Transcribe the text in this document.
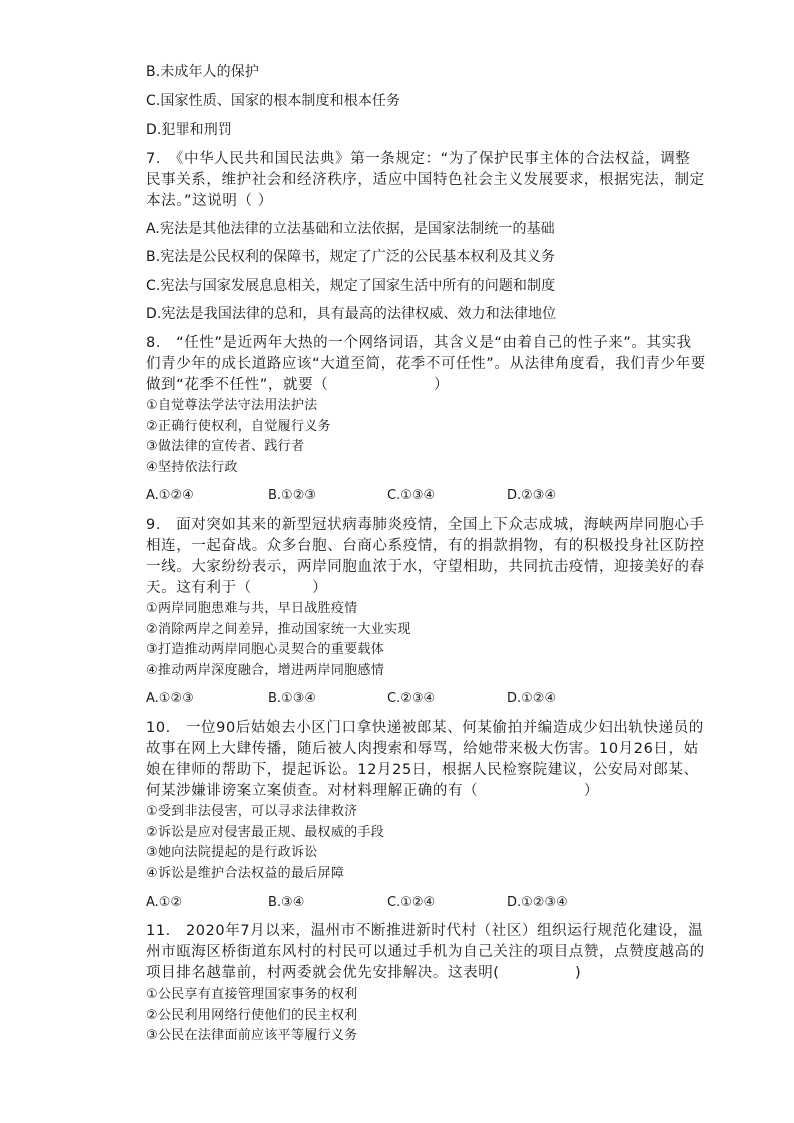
B.未成年人的保护
C.国家性质、国家的根本制度和根本任务
D.犯罪和刑罚
7.　《中华人民共和国民法典》第一条规定：“为了保护民事主体的合法权益，调整
民事关系，维护社会和经济秩序，适应中国特色社会主义发展要求，根据宪法，制定
本法。”这说明（ ）
A.宪法是其他法律的立法基础和立法依据，是国家法制统一的基础
B.宪法是公民权利的保障书，规定了广泛的公民基本权利及其义务
C.宪法与国家发展息息相关，规定了国家生活中所有的问题和制度
D.宪法是我国法律的总和，具有最高的法律权威、效力和法律地位
8.　“任性”是近两年大热的一个网络词语，其含义是“由着自己的性子来”。其实我
们青少年的成长道路应该“大道至简，花季不可任性”。从法律角度看，我们青少年要
做到“花季不任性”，就要（　　　　　　　）
①自觉尊法学法守法用法护法
②正确行使权利，自觉履行义务
③做法律的宣传者、践行者
④坚持依法行政
A.①②④	B.①②③	C.①③④	D.②③④
9.　面对突如其来的新型冠状病毒肺炎疫情，全国上下众志成城，海峡两岸同胞心手
相连，一起奋战。众多台胞、台商心系疫情，有的捐款捐物，有的积极投身社区防控
一线。大家纷纷表示，两岸同胞血浓于水，守望相助，共同抗击疫情，迎接美好的春
天。这有利于（　　　　）
①两岸同胞患难与共，早日战胜疫情
②消除两岸之间差异，推动国家统一大业实现
③打造推动两岸同胞心灵契合的重要载体
④推动两岸深度融合，增进两岸同胞感情
A.①②③	B.①③④	C.②③④	D.①②④
10.　一位90后姑娘去小区门口拿快递被郎某、何某偷拍并编造成少妇出轨快递员的
故事在网上大肆传播，随后被人肉搜索和辱骂，给她带来极大伤害。10月26日，姑
娘在律师的帮助下，提起诉讼。12月25日，根据人民检察院建议，公安局对郎某、
何某涉嫌诽谤案立案侦查。对材料理解正确的有（　　　　　　　）
①受到非法侵害，可以寻求法律救济
②诉讼是应对侵害最正规、最权威的手段
③她向法院提起的是行政诉讼
④诉讼是维护合法权益的最后屏障
A.①②	B.③④	C.①②④	D.①②③④
11.　2020年7月以来，温州市不断推进新时代村（社区）组织运行规范化建设，温
州市瓯海区桥街道东风村的村民可以通过手机为自己关注的项目点赞，点赞度越高的
项目排名越靠前，村两委就会优先安排解决。这表明(　　　　　)
①公民享有直接管理国家事务的权利
②公民利用网络行使他们的民主权利
③公民在法律面前应该平等履行义务
